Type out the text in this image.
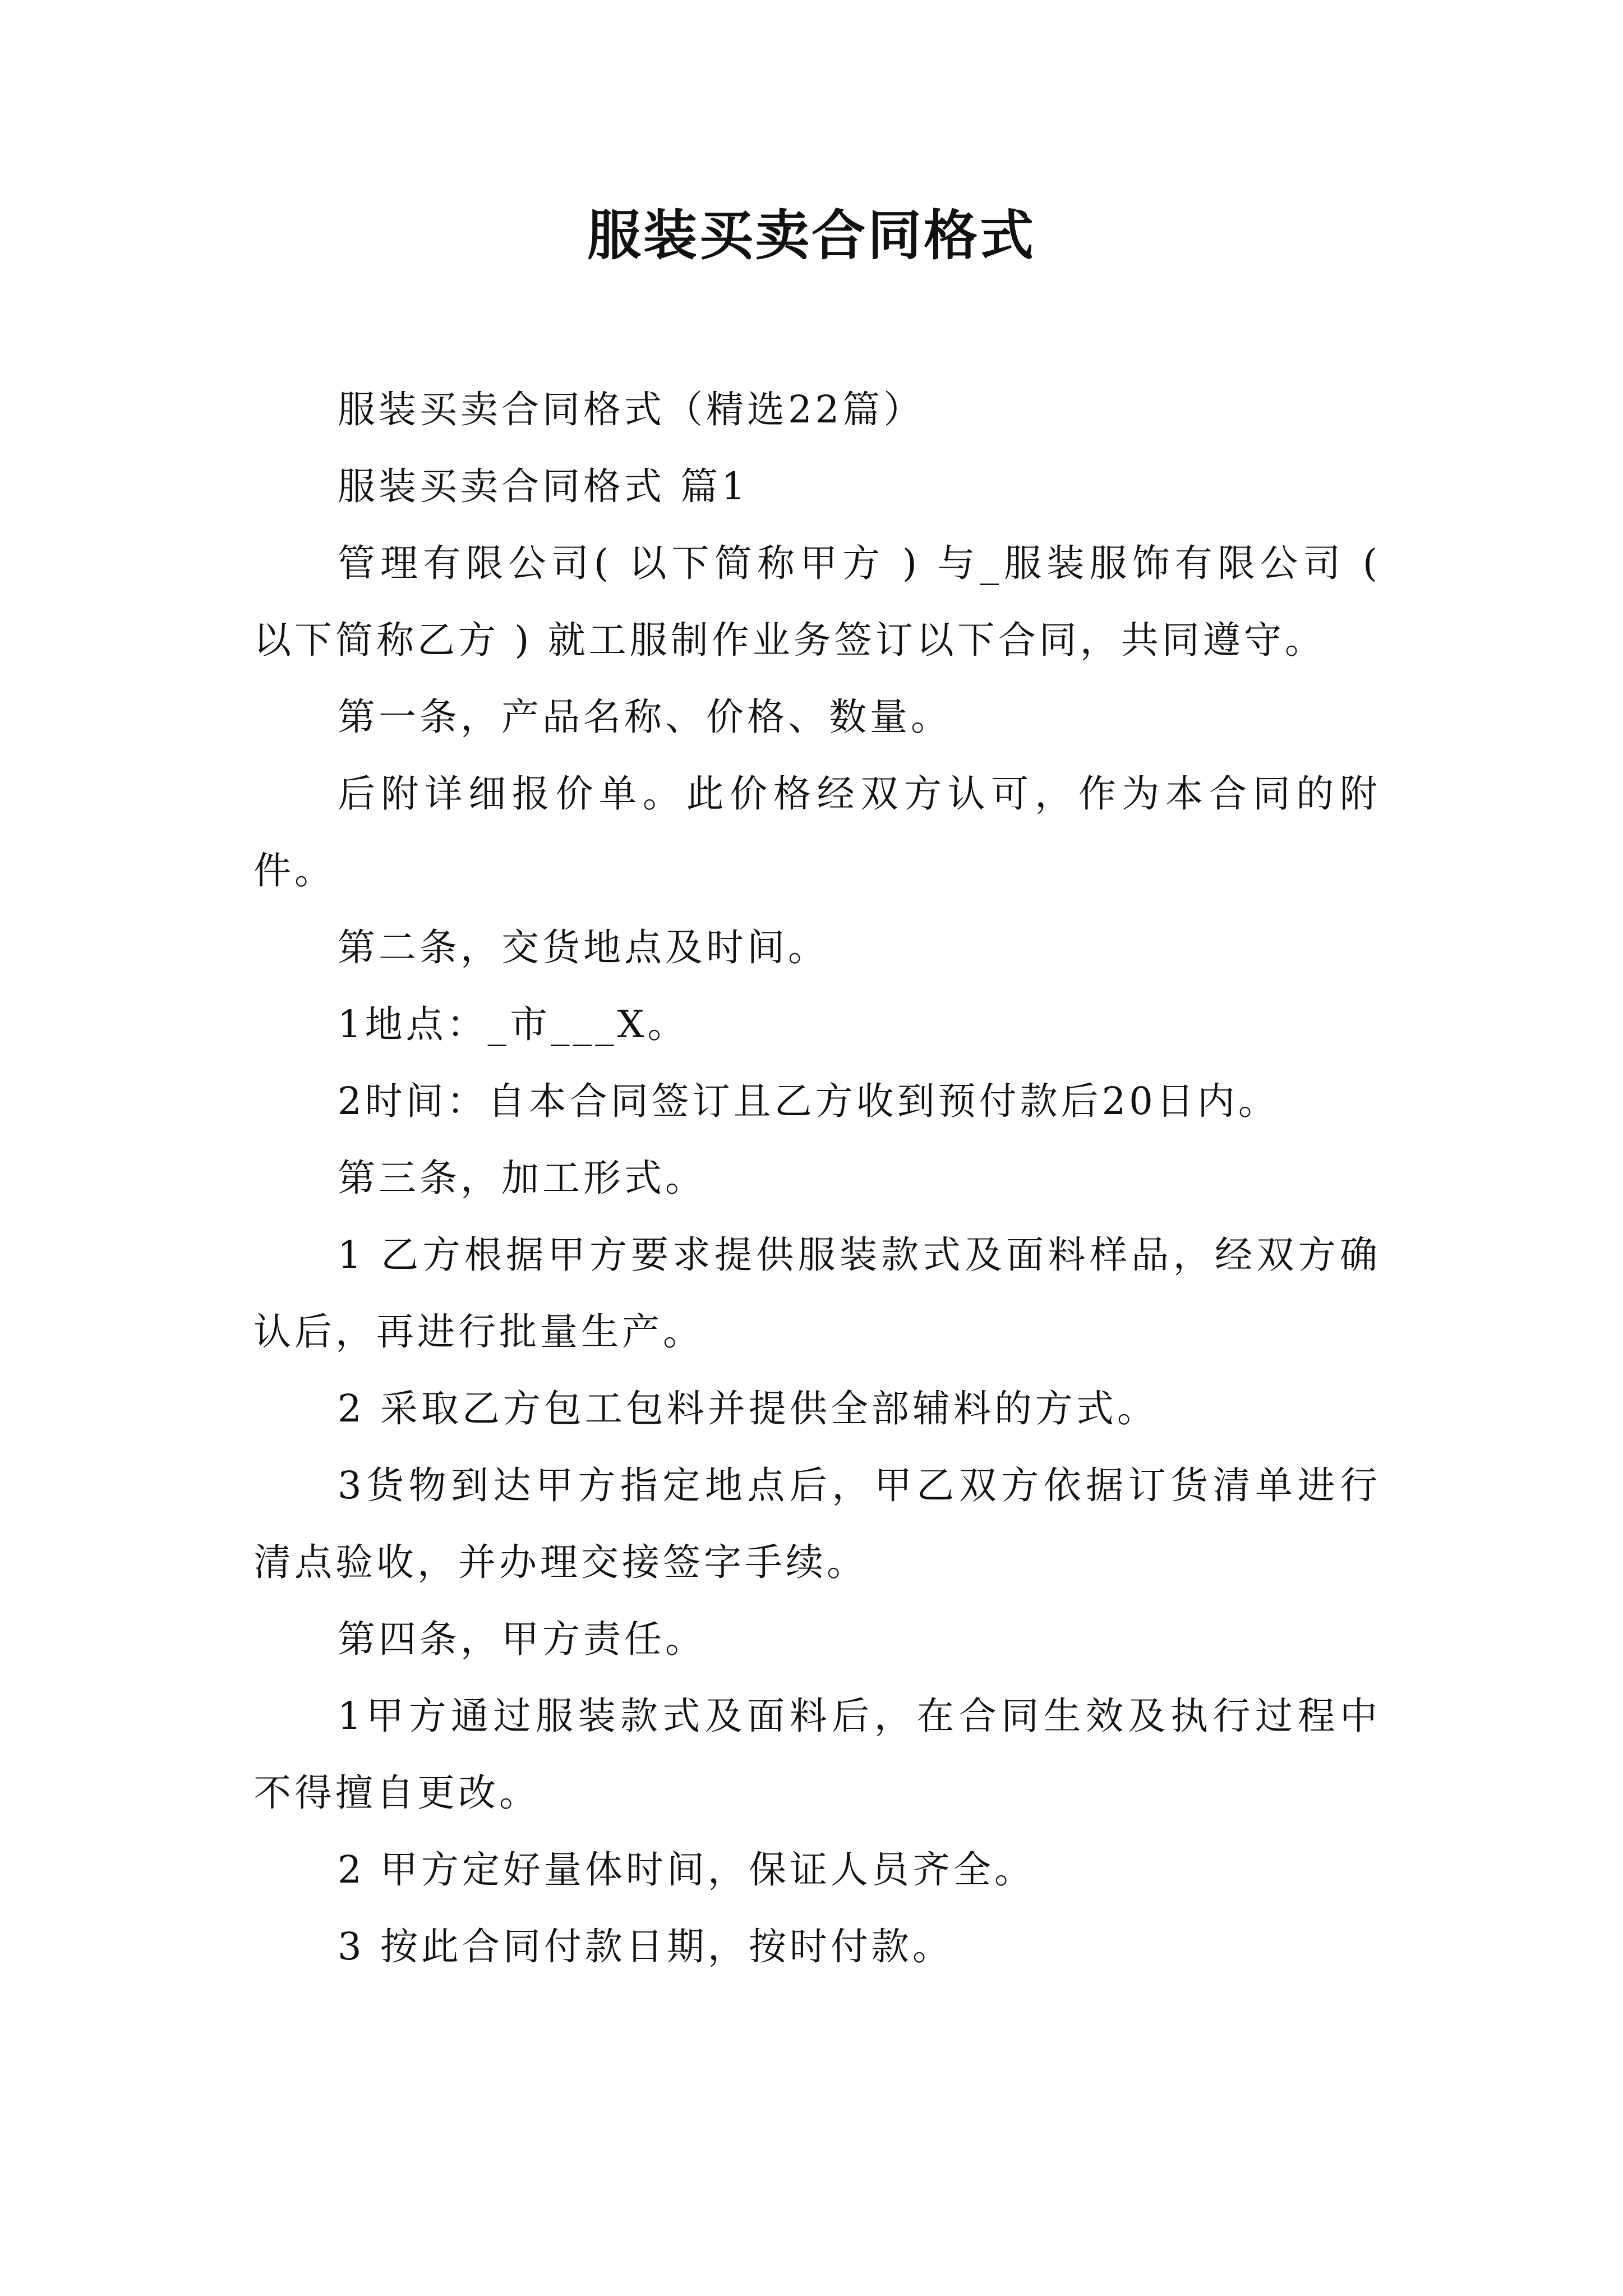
服装买卖合同格式

服装买卖合同格式（精选22篇）

服装买卖合同格式 篇1

管理有限公司( 以下简称甲方 ) 与_服装服饰有限公司 ( 以下简称乙方 ) 就工服制作业务签订以下合同，共同遵守。

第一条，产品名称、价格、数量。

后附详细报价单。此价格经双方认可，作为本合同的附件。

第二条，交货地点及时间。

1地点：_市___X。

2时间：自本合同签订且乙方收到预付款后20日内。

第三条，加工形式。

1 乙方根据甲方要求提供服装款式及面料样品，经双方确认后，再进行批量生产。

2 采取乙方包工包料并提供全部辅料的方式。

3货物到达甲方指定地点后，甲乙双方依据订货清单进行清点验收，并办理交接签字手续。

第四条，甲方责任。

1甲方通过服装款式及面料后，在合同生效及执行过程中不得擅自更改。

2 甲方定好量体时间，保证人员齐全。

3 按此合同付款日期，按时付款。
